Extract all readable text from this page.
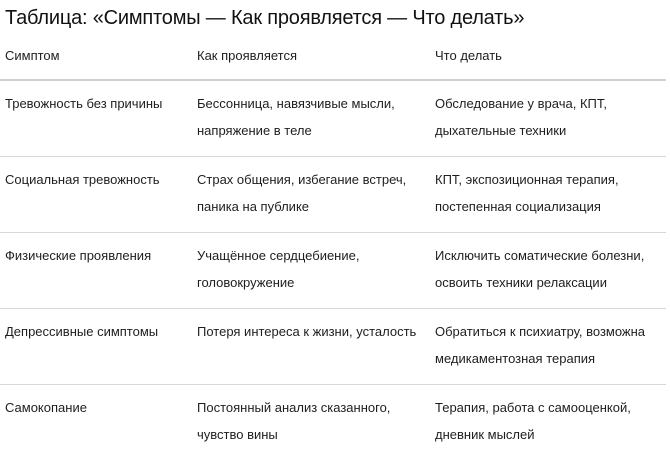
Таблица: «Симптомы — Как проявляется — Что делать»
Симптом	Как проявляется	Что делать
Тревожность без причины	Бессонница, навязчивые мысли, напряжение в теле	Обследование у врача, КПТ, дыхательные техники
Социальная тревожность	Страх общения, избегание встреч, паника на публике	КПТ, экспозиционная терапия, постепенная социализация
Физические проявления	Учащённое сердцебиение, головокружение	Исключить соматические болезни, освоить техники релаксации
Депрессивные симптомы	Потеря интереса к жизни, усталость	Обратиться к психиатру, возможна медикаментозная терапия
Самокопание	Постоянный анализ сказанного, чувство вины	Терапия, работа с самооценкой, дневник мыслей
